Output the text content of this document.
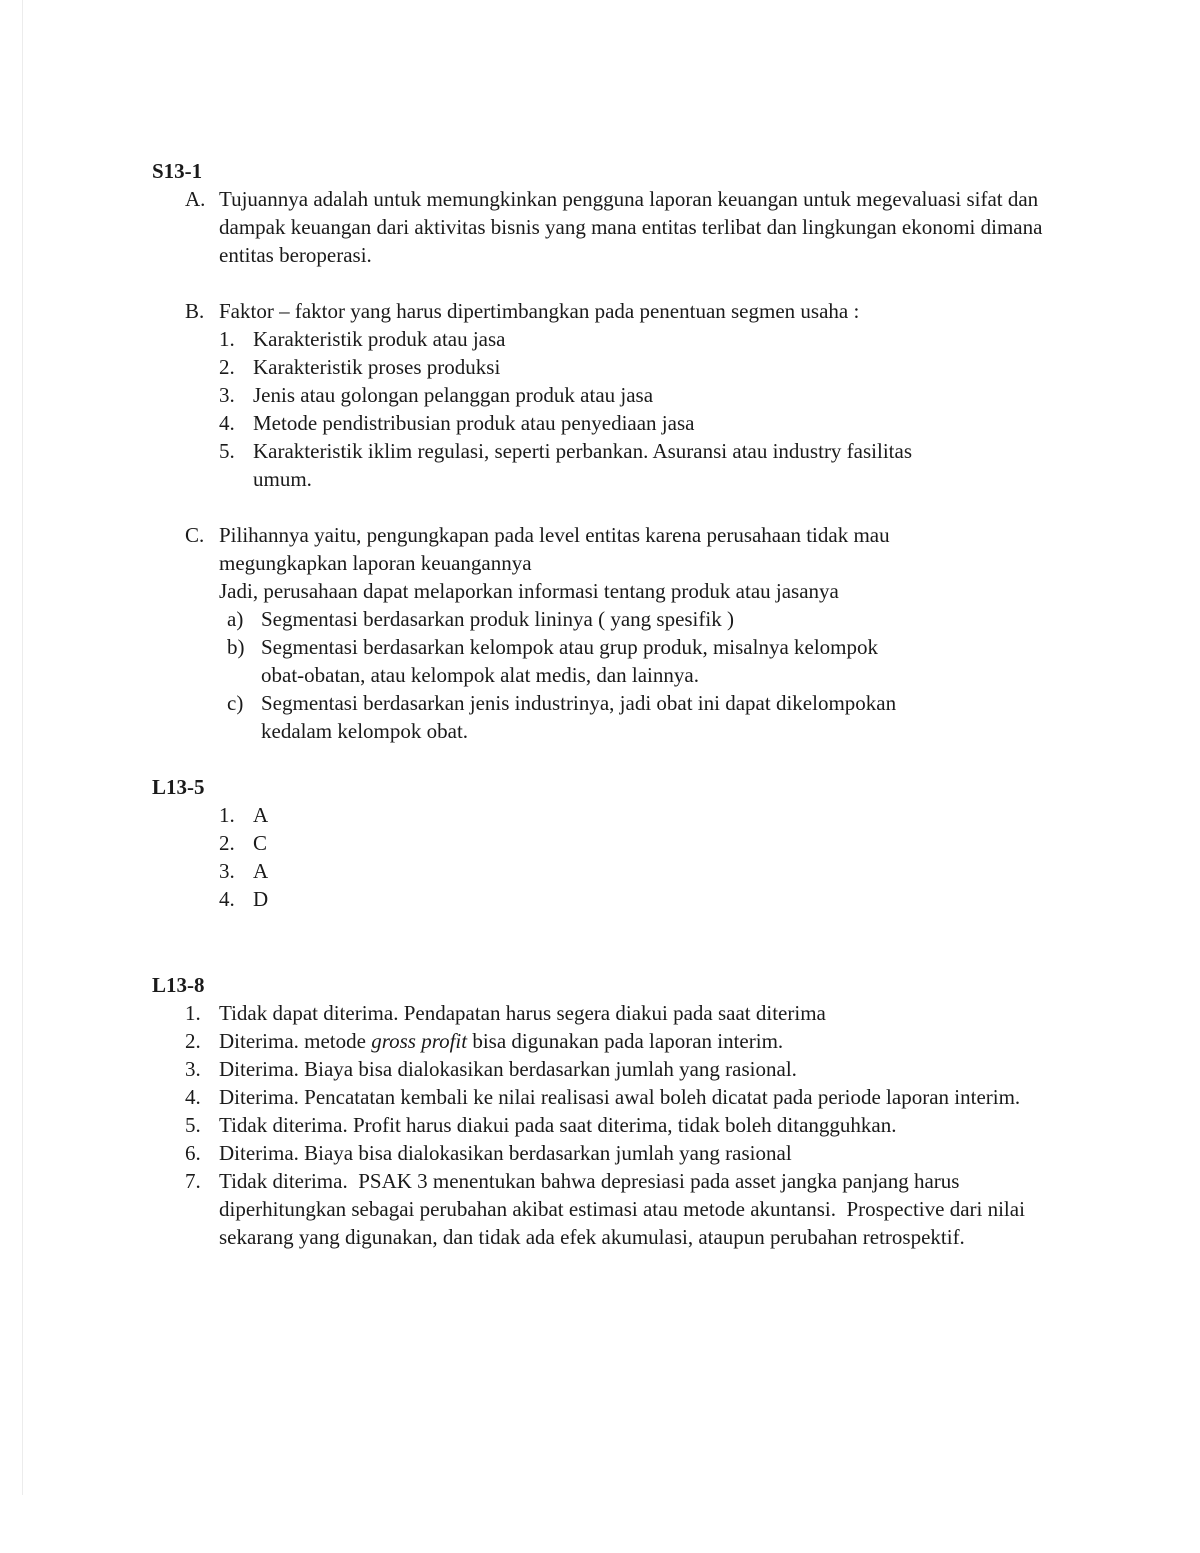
S13-1
A. Tujuannya adalah untuk memungkinkan pengguna laporan keuangan untuk megevaluasi sifat dan
dampak keuangan dari aktivitas bisnis yang mana entitas terlibat dan lingkungan ekonomi dimana
entitas beroperasi.
B. Faktor – faktor yang harus dipertimbangkan pada penentuan segmen usaha :
1. Karakteristik produk atau jasa
2. Karakteristik proses produksi
3. Jenis atau golongan pelanggan produk atau jasa
4. Metode pendistribusian produk atau penyediaan jasa
5. Karakteristik iklim regulasi, seperti perbankan. Asuransi atau industry fasilitas
umum.
C. Pilihannya yaitu, pengungkapan pada level entitas karena perusahaan tidak mau
megungkapkan laporan keuangannya
Jadi, perusahaan dapat melaporkan informasi tentang produk atau jasanya
a) Segmentasi berdasarkan produk lininya ( yang spesifik )
b) Segmentasi berdasarkan kelompok atau grup produk, misalnya kelompok
obat-obatan, atau kelompok alat medis, dan lainnya.
c) Segmentasi berdasarkan jenis industrinya, jadi obat ini dapat dikelompokan
kedalam kelompok obat.
L13-5
1. A
2. C
3. A
4. D
L13-8
1. Tidak dapat diterima. Pendapatan harus segera diakui pada saat diterima
2. Diterima. metode gross profit bisa digunakan pada laporan interim.
3. Diterima. Biaya bisa dialokasikan berdasarkan jumlah yang rasional.
4. Diterima. Pencatatan kembali ke nilai realisasi awal boleh dicatat pada periode laporan interim.
5. Tidak diterima. Profit harus diakui pada saat diterima, tidak boleh ditangguhkan.
6. Diterima. Biaya bisa dialokasikan berdasarkan jumlah yang rasional
7. Tidak diterima.  PSAK 3 menentukan bahwa depresiasi pada asset jangka panjang harus
diperhitungkan sebagai perubahan akibat estimasi atau metode akuntansi.  Prospective dari nilai
sekarang yang digunakan, dan tidak ada efek akumulasi, ataupun perubahan retrospektif.
